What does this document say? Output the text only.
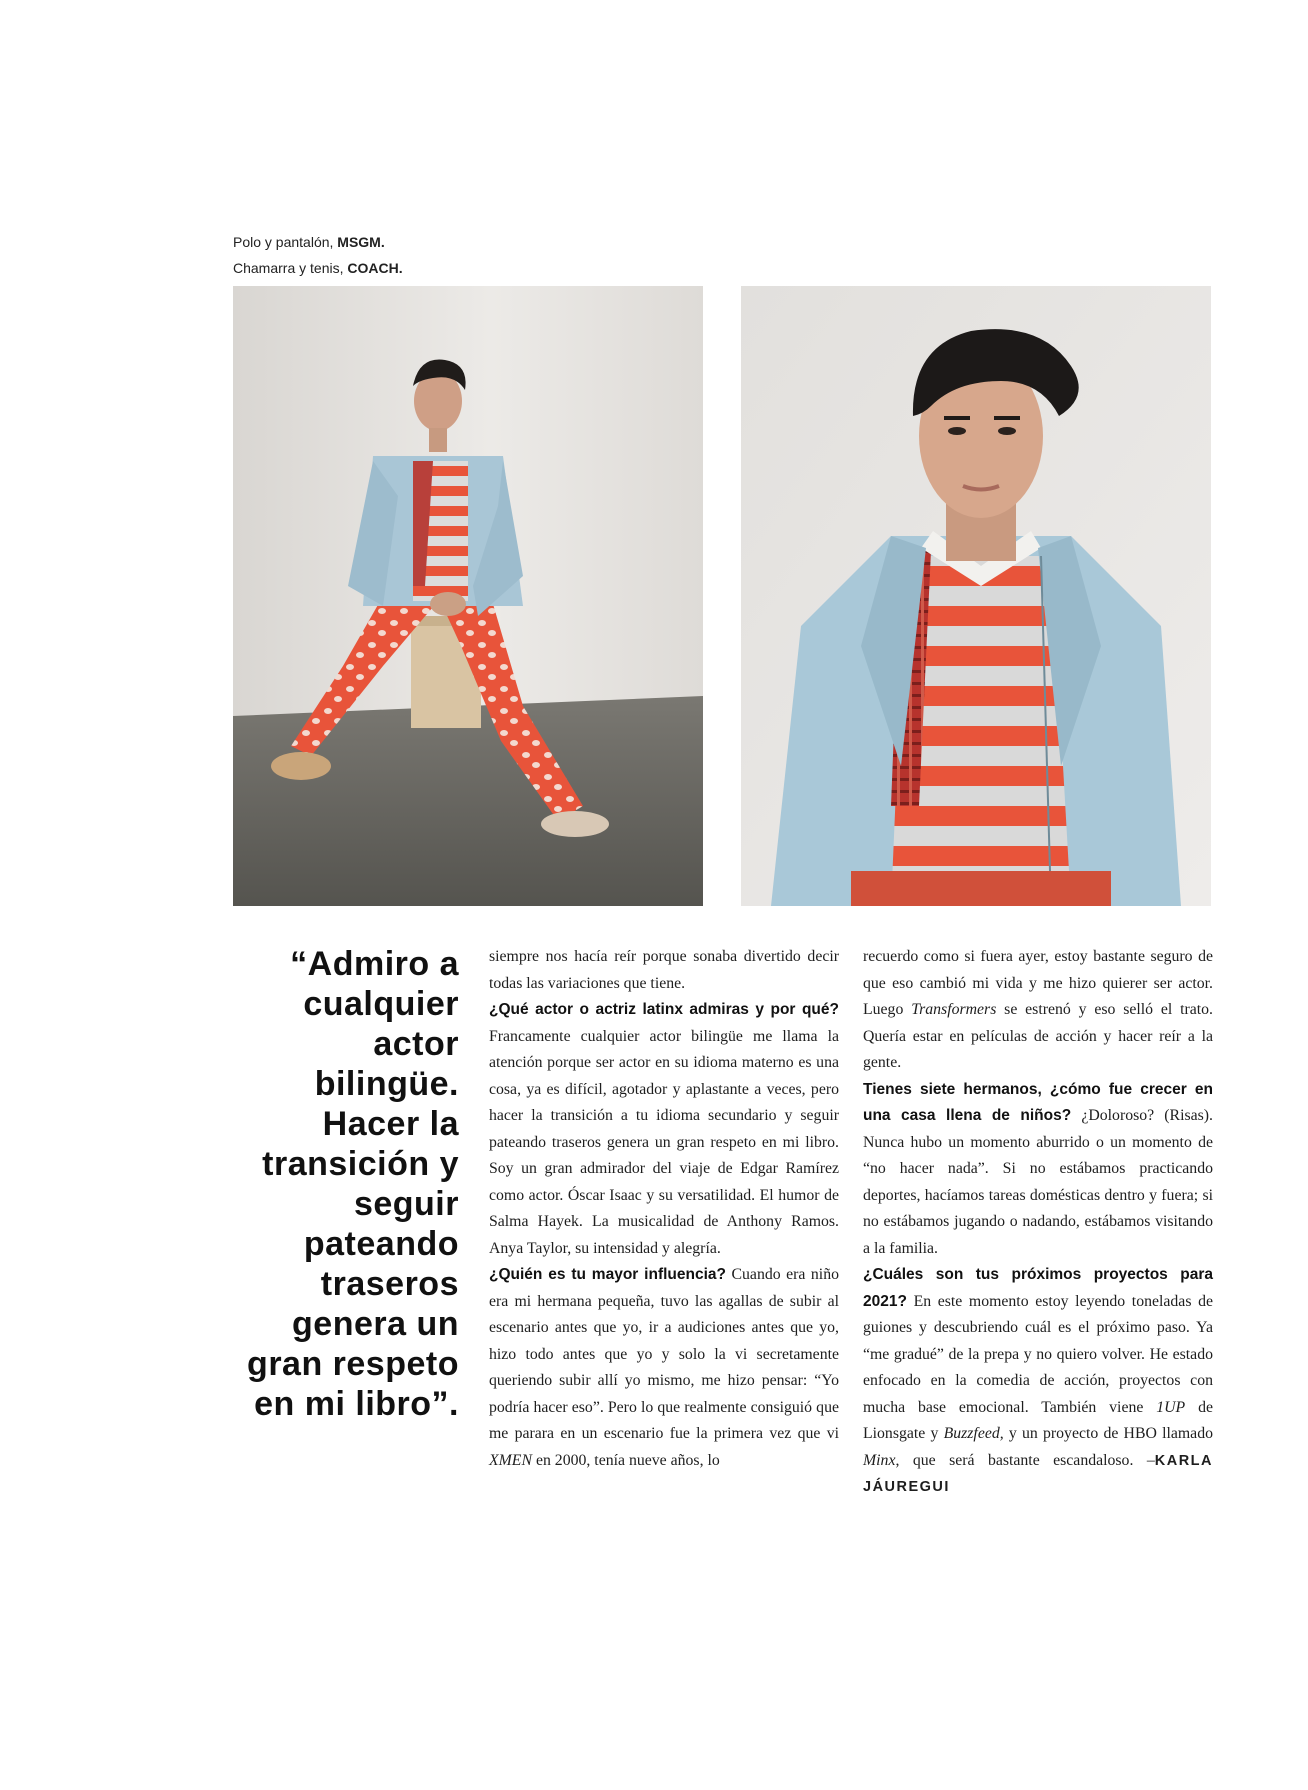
Polo y pantalón, MSGM.
Chamarra y tenis, COACH.
“Admiro a cualquier actor bilingüe. Hacer la transición y seguir pateando traseros genera un gran respeto en mi libro”.

siempre nos hacía reír porque sonaba divertido decir todas las variaciones que tiene.

¿Qué actor o actriz latinx admiras y por qué? Francamente cualquier actor bilingüe me llama la atención porque ser actor en su idioma materno es una cosa, ya es difícil, agotador y aplastante a veces, pero hacer la transición a tu idioma secundario y seguir pateando traseros genera un gran respeto en mi libro. Soy un gran admirador del viaje de Edgar Ramírez como actor. Óscar Isaac y su versatilidad. El humor de Salma Hayek. La musicalidad de Anthony Ramos. Anya Taylor, su intensidad y alegría.

¿Quién es tu mayor influencia? Cuando era niño era mi hermana pequeña, tuvo las agallas de subir al escenario antes que yo, ir a audiciones antes que yo, hizo todo antes que yo y solo la vi secretamente queriendo subir allí yo mismo, me hizo pensar: “Yo podría hacer eso”. Pero lo que realmente consiguió que me parara en un escenario fue la primera vez que vi XMEN en 2000, tenía nueve años, lo

recuerdo como si fuera ayer, estoy bastante seguro de que eso cambió mi vida y me hizo quierer ser actor. Luego Transformers se estrenó y eso selló el trato. Quería estar en películas de acción y hacer reír a la gente.

Tienes siete hermanos, ¿cómo fue crecer en una casa llena de niños? ¿Doloroso? (Risas). Nunca hubo un momento aburrido o un momento de “no hacer nada”. Si no estábamos practicando deportes, hacíamos tareas domésticas dentro y fuera; si no estábamos jugando o nadando, estábamos visitando a la familia.

¿Cuáles son tus próximos proyectos para 2021? En este momento estoy leyendo toneladas de guiones y descubriendo cuál es el próximo paso. Ya “me gradué” de la prepa y no quiero volver. He estado enfocado en la comedia de acción, proyectos con mucha base emocional. También viene 1UP de Lionsgate y Buzzfeed, y un proyecto de HBO llamado Minx, que será bastante escandaloso. –KARLA JÁUREGUI
